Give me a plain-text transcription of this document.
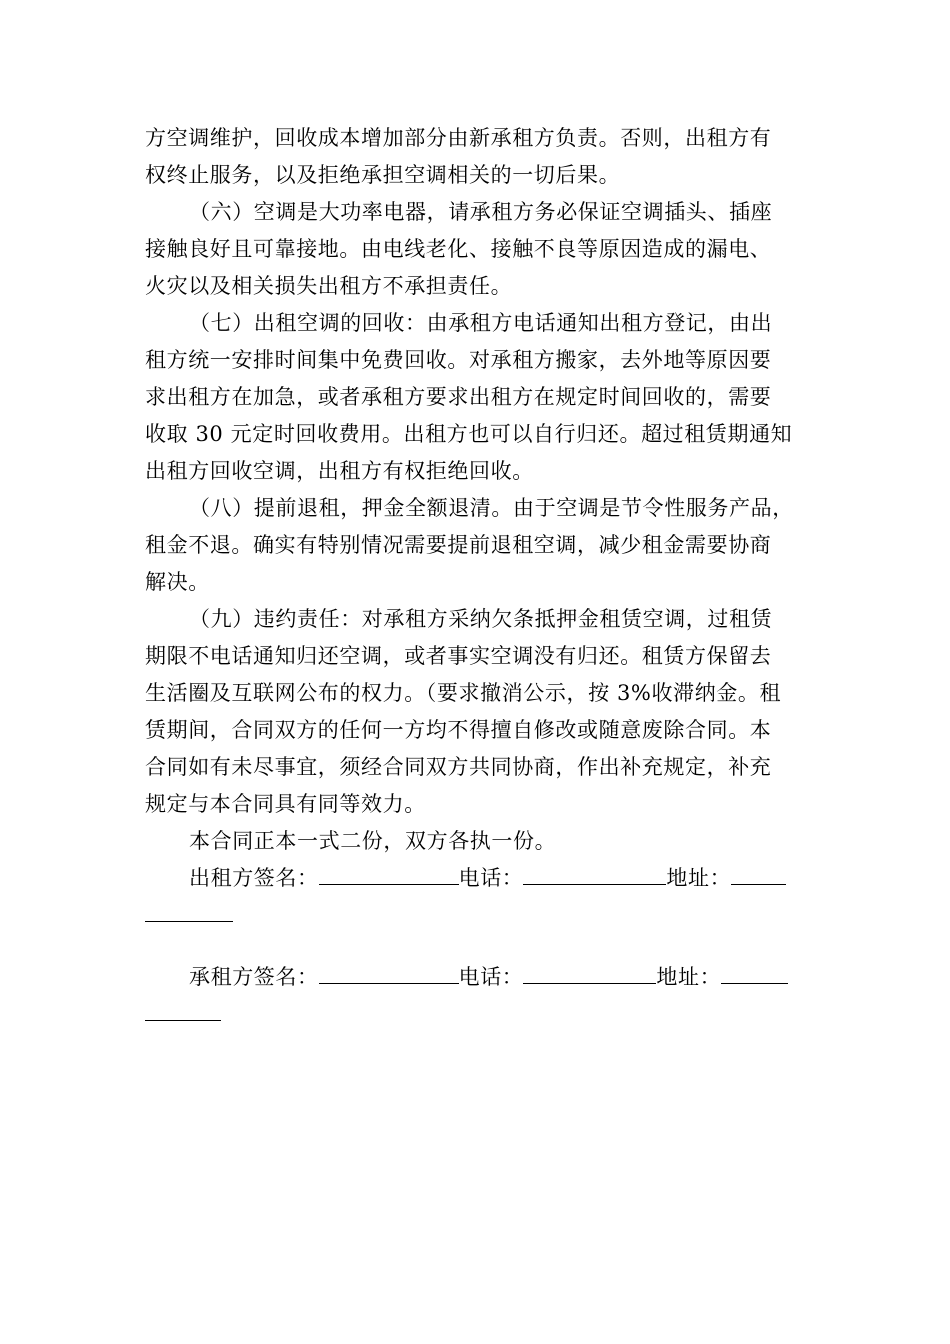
方空调维护，回收成本增加部分由新承租方负责。否则，出租方有
权终止服务，以及拒绝承担空调相关的一切后果。
（六）空调是大功率电器，请承租方务必保证空调插头、插座
接触良好且可靠接地。由电线老化、接触不良等原因造成的漏电、
火灾以及相关损失出租方不承担责任。
（七）出租空调的回收：由承租方电话通知出租方登记，由出
租方统一安排时间集中免费回收。对承租方搬家，去外地等原因要
求出租方在加急，或者承租方要求出租方在规定时间回收的，需要
收取 30 元定时回收费用。出租方也可以自行归还。超过租赁期通知
出租方回收空调，出租方有权拒绝回收。
（八）提前退租，押金全额退清。由于空调是节令性服务产品，
租金不退。确实有特别情况需要提前退租空调，减少租金需要协商
解决。
（九）违约责任：对承租方采纳欠条抵押金租赁空调，过租赁
期限不电话通知归还空调，或者事实空调没有归还。租赁方保留去
生活圈及互联网公布的权力。（要求撤消公示，按 3%收滞纳金。租
赁期间，合同双方的任何一方均不得擅自修改或随意废除合同。本
合同如有未尽事宜，须经合同双方共同协商，作出补充规定，补充
规定与本合同具有同等效力。
本合同正本一式二份，双方各执一份。
出租方签名：	电话：	地址：
承租方签名：	电话：	地址：
